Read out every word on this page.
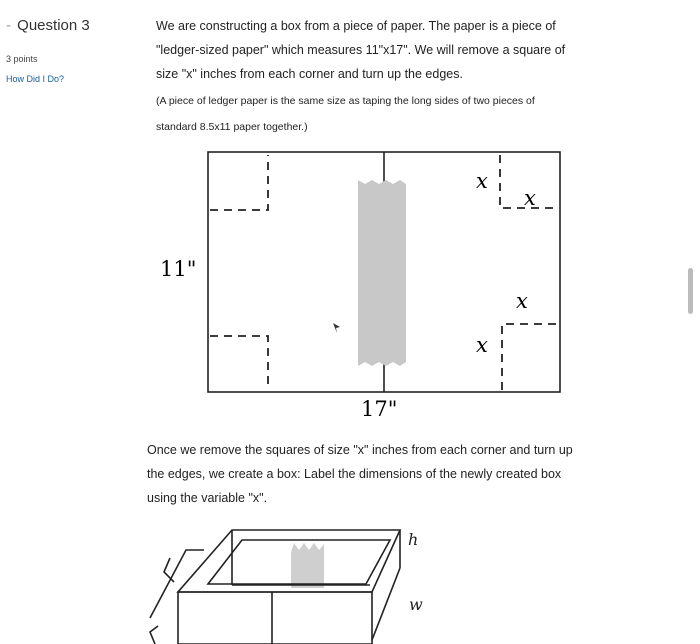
- Question 3
3 points
How Did I Do?
We are constructing a box from a piece of paper. The paper is a piece of
"ledger-sized paper" which measures 11"x17". We will remove a square of
size "x" inches from each corner and turn up the edges.
(A piece of ledger paper is the same size as taping the long sides of two pieces of
standard 8.5x11 paper together.)
11"
17"
x
x
x
x
h
w
Once we remove the squares of size "x" inches from each corner and turn up
the edges, we create a box: Label the dimensions of the newly created box
using the variable "x".
